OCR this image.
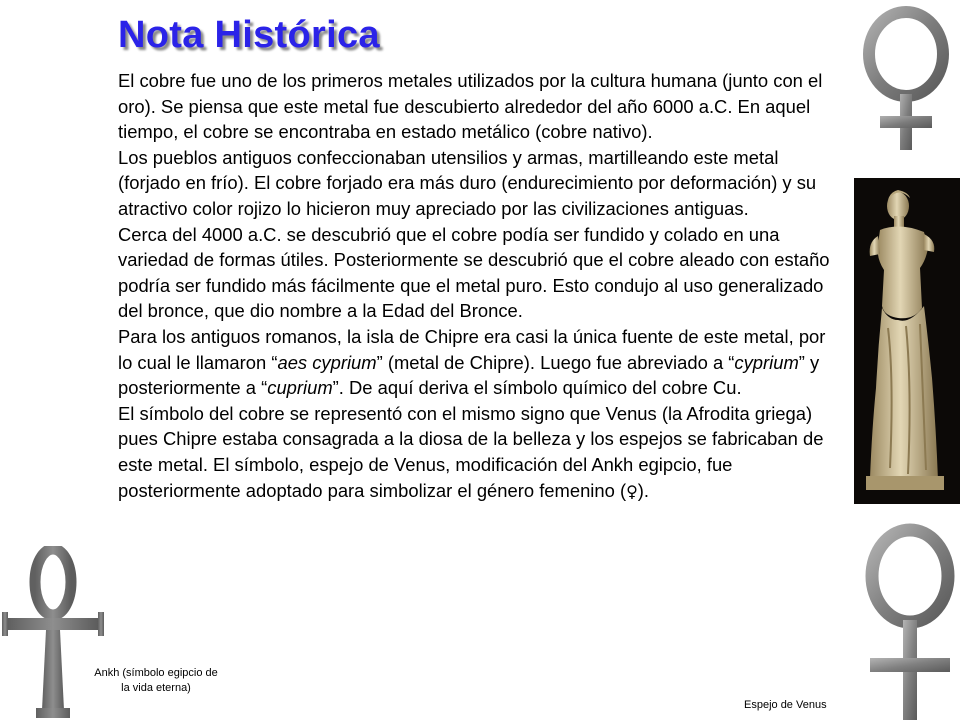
Nota Histórica

El cobre fue uno de los primeros metales utilizados por la cultura humana (junto con el oro). Se piensa que este metal fue descubierto alrededor del año 6000 a.C. En aquel tiempo, el cobre se encontraba en estado metálico (cobre nativo).

Los pueblos antiguos confeccionaban utensilios y armas, martilleando este metal (forjado en frío). El cobre forjado era más duro (endurecimiento por deformación) y su atractivo color rojizo lo hicieron muy apreciado por las civilizaciones antiguas.

Cerca del 4000 a.C. se descubrió que el cobre podía ser fundido y colado en una variedad de formas útiles. Posteriormente se descubrió que el cobre aleado con estaño podría ser fundido más fácilmente que el metal puro. Esto condujo al uso generalizado del bronce, que dio nombre a la Edad del Bronce.

Para los antiguos romanos, la isla de Chipre era casi la única fuente de este metal, por lo cual le llamaron “aes cyprium” (metal de Chipre). Luego fue abreviado a “cyprium” y posteriormente a “cuprium”. De aquí deriva el símbolo químico del cobre Cu.

El símbolo del cobre se representó con el mismo signo que Venus (la Afrodita griega) pues Chipre estaba consagrada a la diosa de la belleza y los espejos se fabricaban de este metal. El símbolo, espejo de Venus, modificación del Ankh egipcio, fue posteriormente adoptado para simbolizar el género femenino (♀).

Ankh (símbolo egipcio de la vida eterna)
Espejo de Venus
